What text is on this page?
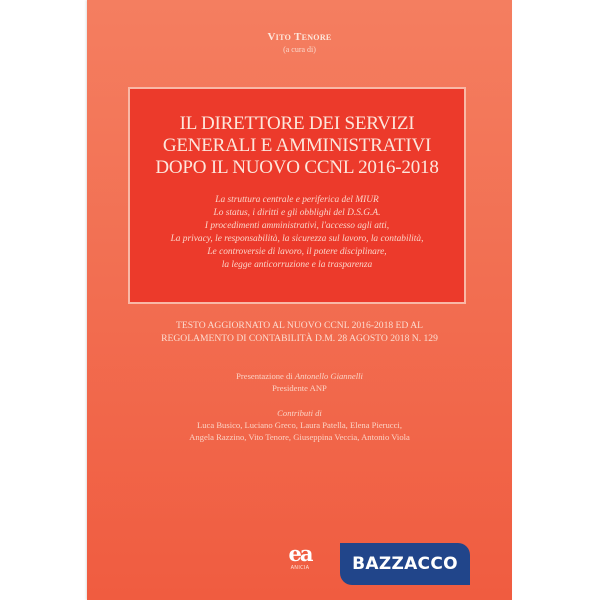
Vito Tenore
(a cura di)
IL DIRETTORE DEI SERVIZI
GENERALI E AMMINISTRATIVI
DOPO IL NUOVO CCNL 2016-2018
La struttura centrale e periferica del MIUR
Lo status, i diritti e gli obblighi del D.S.G.A.
I procedimenti amministrativi, l'accesso agli atti,
La privacy, le responsabilità, la sicurezza sul lavoro, la contabilità,
Le controversie di lavoro, il potere disciplinare,
la legge anticorruzione e la trasparenza
TESTO AGGIORNATO AL NUOVO CCNL 2016-2018 ED AL
REGOLAMENTO DI CONTABILITÀ D.M. 28 AGOSTO 2018 N. 129
Presentazione di Antonello Giannelli
Presidente ANP
Contributi di
Luca Busico, Luciano Greco, Laura Patella, Elena Pierucci,
Angela Razzino, Vito Tenore, Giuseppina Veccia, Antonio Viola
ea
ANICIA	BAZZACCO
